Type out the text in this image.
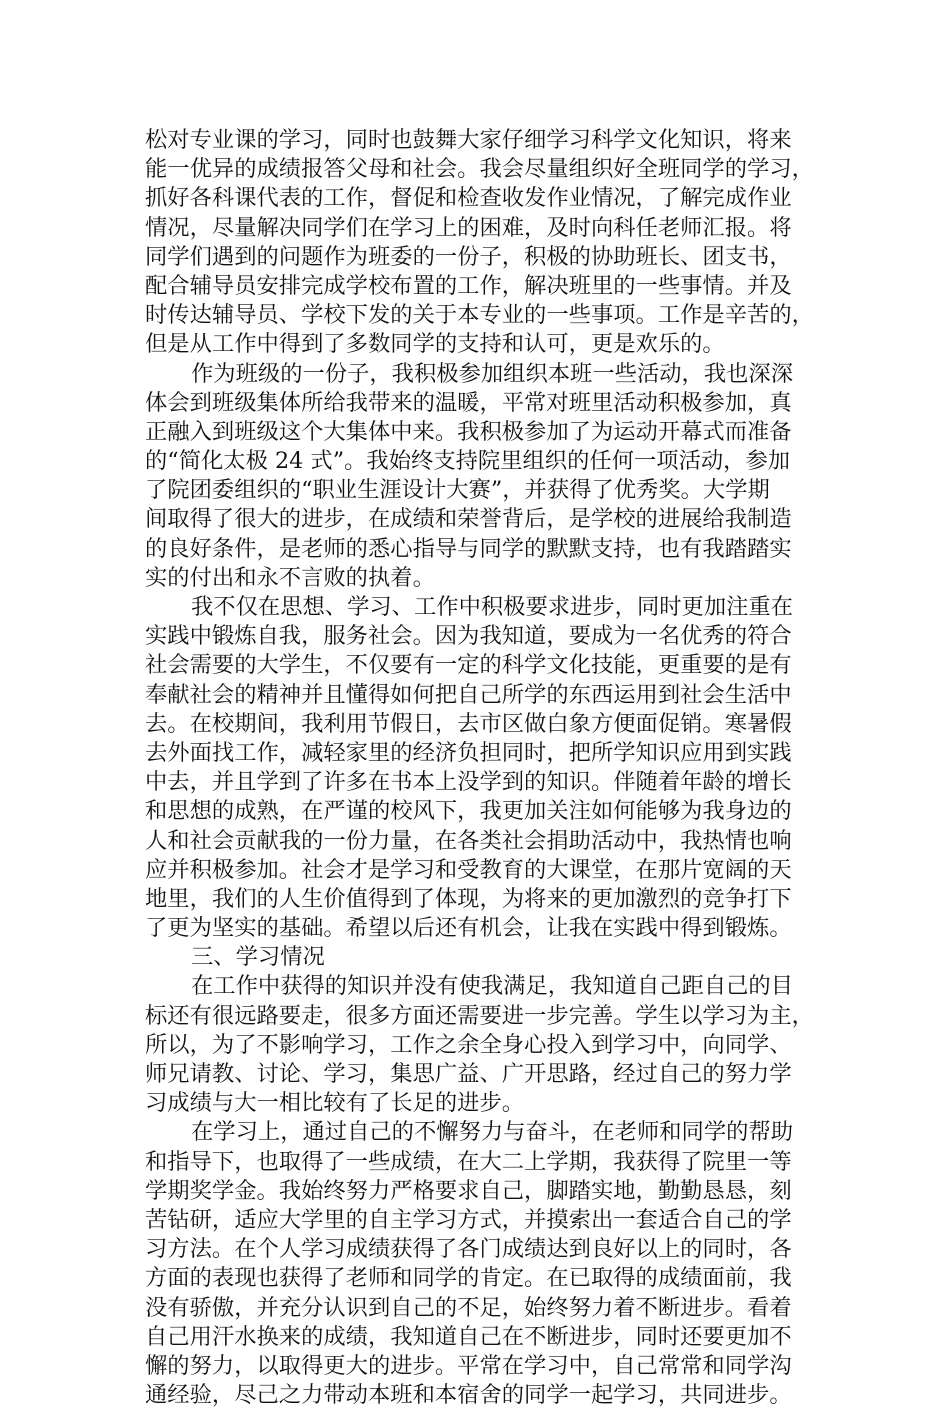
松对专业课的学习，同时也鼓舞大家仔细学习科学文化知识，将来
能一优异的成绩报答父母和社会。我会尽量组织好全班同学的学习，
抓好各科课代表的工作，督促和检查收发作业情况，了解完成作业
情况，尽量解决同学们在学习上的困难，及时向科任老师汇报。将
同学们遇到的问题作为班委的一份子，积极的协助班长、团支书，
配合辅导员安排完成学校布置的工作，解决班里的一些事情。并及
时传达辅导员、学校下发的关于本专业的一些事项。工作是辛苦的，
但是从工作中得到了多数同学的支持和认可，更是欢乐的。
作为班级的一份子，我积极参加组织本班一些活动，我也深深
体会到班级集体所给我带来的温暖，平常对班里活动积极参加，真
正融入到班级这个大集体中来。我积极参加了为运动开幕式而准备
的“简化太极 24 式”。我始终支持院里组织的任何一项活动，参加
了院团委组织的“职业生涯设计大赛”，并获得了优秀奖。大学期
间取得了很大的进步，在成绩和荣誉背后，是学校的进展给我制造
的良好条件，是老师的悉心指导与同学的默默支持，也有我踏踏实
实的付出和永不言败的执着。
我不仅在思想、学习、工作中积极要求进步，同时更加注重在
实践中锻炼自我，服务社会。因为我知道，要成为一名优秀的符合
社会需要的大学生，不仅要有一定的科学文化技能，更重要的是有
奉献社会的精神并且懂得如何把自己所学的东西运用到社会生活中
去。在校期间，我利用节假日，去市区做白象方便面促销。寒暑假
去外面找工作，减轻家里的经济负担同时，把所学知识应用到实践
中去，并且学到了许多在书本上没学到的知识。伴随着年龄的增长
和思想的成熟，在严谨的校风下，我更加关注如何能够为我身边的
人和社会贡献我的一份力量，在各类社会捐助活动中，我热情也响
应并积极参加。社会才是学习和受教育的大课堂，在那片宽阔的天
地里，我们的人生价值得到了体现，为将来的更加激烈的竞争打下
了更为坚实的基础。希望以后还有机会，让我在实践中得到锻炼。
三、学习情况
在工作中获得的知识并没有使我满足，我知道自己距自己的目
标还有很远路要走，很多方面还需要进一步完善。学生以学习为主，
所以，为了不影响学习，工作之余全身心投入到学习中，向同学、
师兄请教、讨论、学习，集思广益、广开思路，经过自己的努力学
习成绩与大一相比较有了长足的进步。
在学习上，通过自己的不懈努力与奋斗，在老师和同学的帮助
和指导下，也取得了一些成绩，在大二上学期，我获得了院里一等
学期奖学金。我始终努力严格要求自己，脚踏实地，勤勤恳恳，刻
苦钻研，适应大学里的自主学习方式，并摸索出一套适合自己的学
习方法。在个人学习成绩获得了各门成绩达到良好以上的同时，各
方面的表现也获得了老师和同学的肯定。在已取得的成绩面前，我
没有骄傲，并充分认识到自己的不足，始终努力着不断进步。看着
自己用汗水换来的成绩，我知道自己在不断进步，同时还要更加不
懈的努力，以取得更大的进步。平常在学习中，自己常常和同学沟
通经验，尽己之力带动本班和本宿舍的同学一起学习，共同进步。
